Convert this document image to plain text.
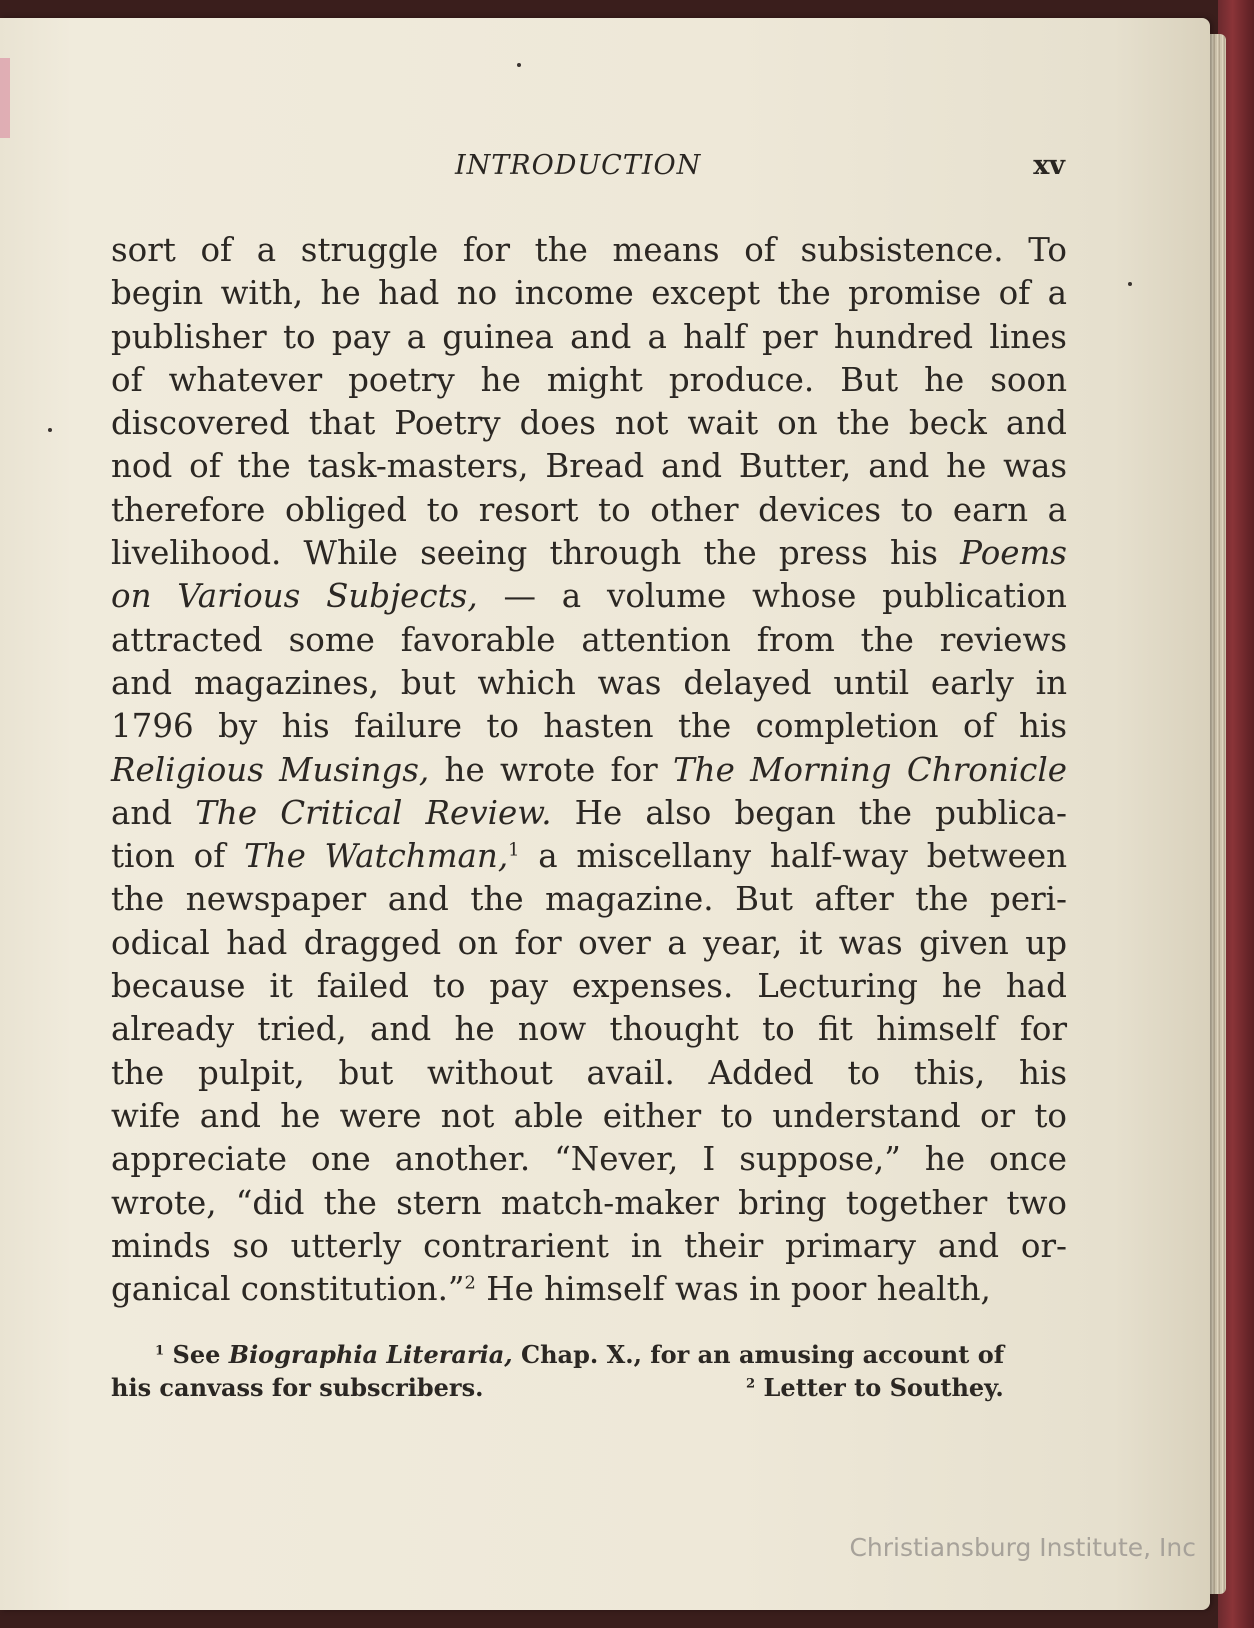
INTRODUCTION	xv
sort of a struggle for the means of subsistence. To
begin with, he had no income except the promise of a
publisher to pay a guinea and a half per hundred lines
of whatever poetry he might produce. But he soon
discovered that Poetry does not wait on the beck and
nod of the task-masters, Bread and Butter, and he was
therefore obliged to resort to other devices to earn a
livelihood. While seeing through the press his Poems
on Various Subjects, — a volume whose publication
attracted some favorable attention from the reviews
and magazines, but which was delayed until early in
1796 by his failure to hasten the completion of his
Religious Musings, he wrote for The Morning Chronicle
and The Critical Review. He also began the publica-
tion of The Watchman,$^1$ a miscellany half-way between
the newspaper and the magazine. But after the peri-
odical had dragged on for over a year, it was given up
because it failed to pay expenses. Lecturing he had
already tried, and he now thought to fit himself for
the pulpit, but without avail. Added to this, his
wife and he were not able either to understand or to
appreciate one another. “Never, I suppose,” he once
wrote, “did the stern match-maker bring together two
minds so utterly contrarient in their primary and or-
ganical constitution.”$^2$ He himself was in poor health,
$^1$ See Biographia Literaria, Chap. X., for an amusing account of
his canvass for subscribers.	$^2$ Letter to Southey.
Christiansburg Institute, Inc
